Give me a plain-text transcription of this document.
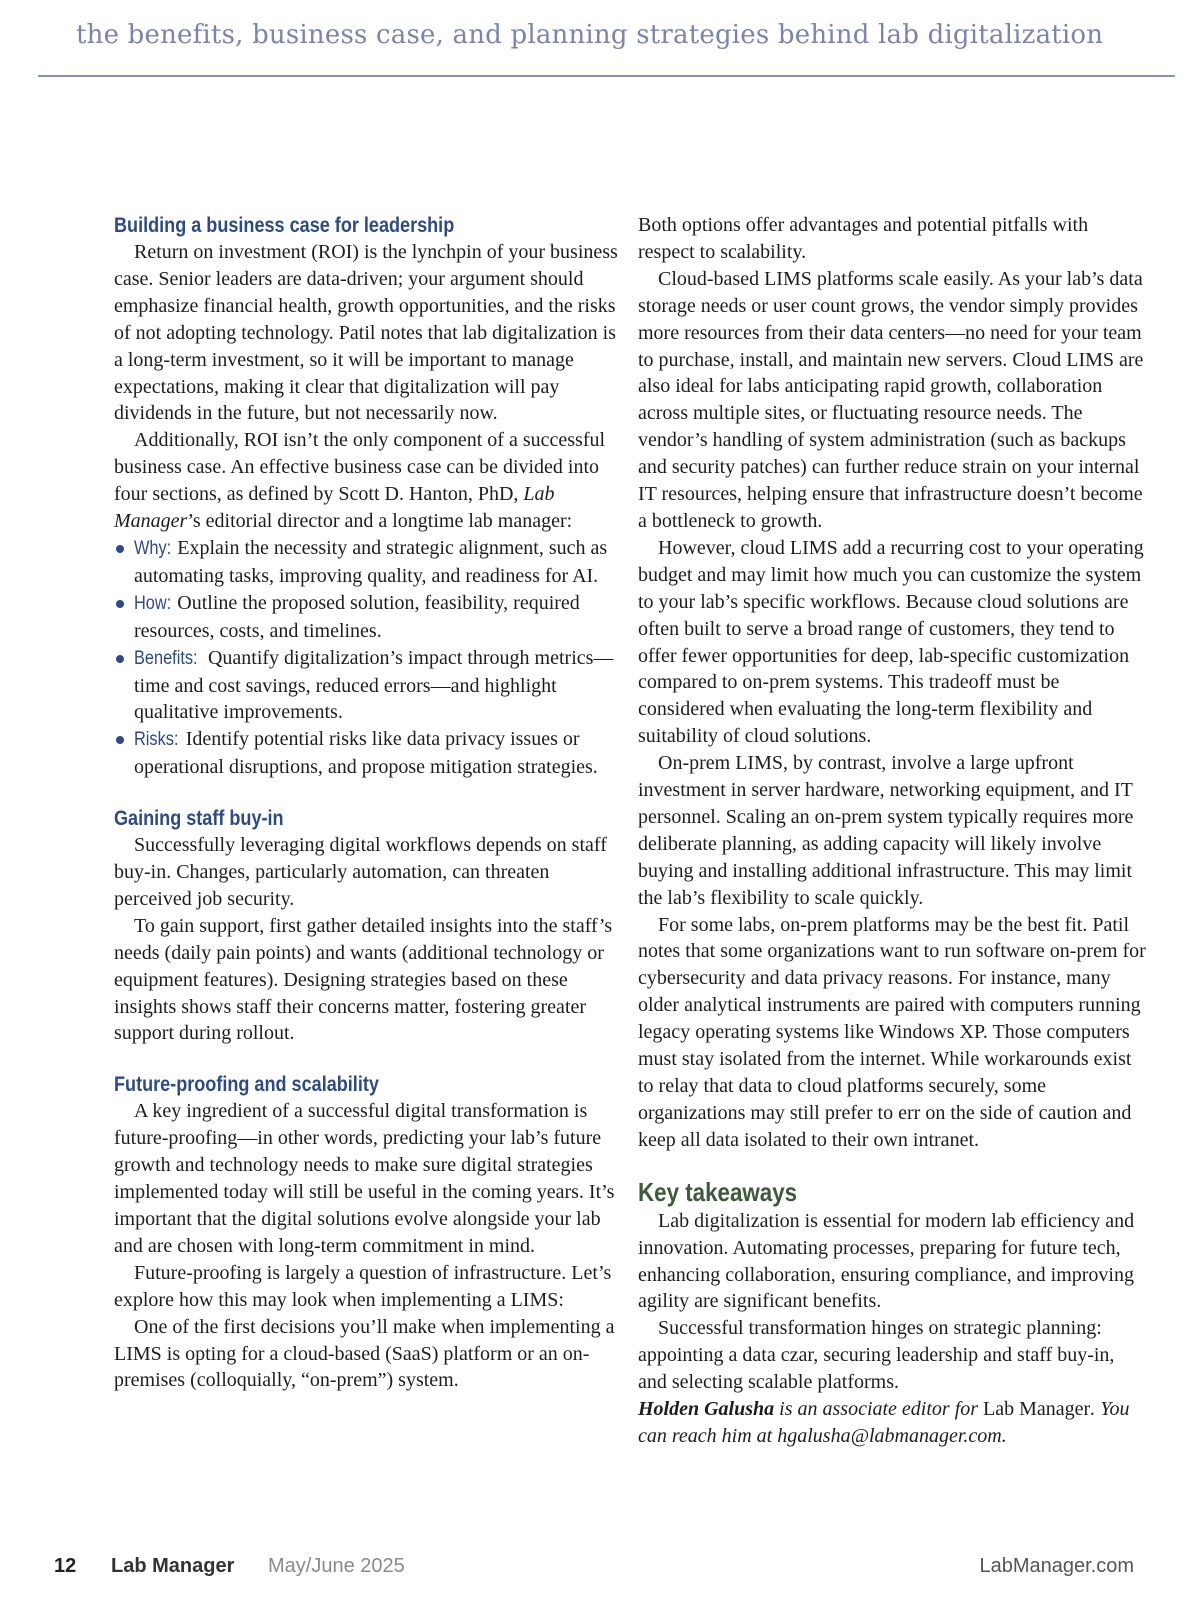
the benefits, business case, and planning strategies behind lab digitalization
Building a business case for leadership

Return on investment (ROI) is the lynchpin of your business case. Senior leaders are data-driven; your argument should emphasize financial health, growth opportunities, and the risks of not adopting technology. Patil notes that lab digitalization is a long-term investment, so it will be important to manage expectations, making it clear that digitalization will pay dividends in the future, but not necessarily now.

Additionally, ROI isn’t the only component of a successful business case. An effective business case can be divided into four sections, as defined by Scott D. Hanton, PhD, Lab Manager’s editorial director and a longtime lab manager:

Why: Explain the necessity and strategic alignment, such as automating tasks, improving quality, and readiness for AI.
How: Outline the proposed solution, feasibility, required resources, costs, and timelines.
Benefits: Quantify digitalization’s impact through metrics—time and cost savings, reduced errors—and highlight qualitative improvements.
Risks: Identify potential risks like data privacy issues or operational disruptions, and propose mitigation strategies.
Gaining staff buy-in

Successfully leveraging digital workflows depends on staff buy-in. Changes, particularly automation, can threaten perceived job security.

To gain support, first gather detailed insights into the staff’s needs (daily pain points) and wants (additional technology or equipment features). Designing strategies based on these insights shows staff their concerns matter, fostering greater support during rollout.

Future-proofing and scalability

A key ingredient of a successful digital transformation is future-proofing—in other words, predicting your lab’s future growth and technology needs to make sure digital strategies implemented today will still be useful in the coming years. It’s important that the digital solutions evolve alongside your lab and are chosen with long-term commitment in mind.

Future-proofing is largely a question of infrastructure. Let’s explore how this may look when implementing a LIMS:

One of the first decisions you’ll make when implementing a LIMS is opting for a cloud-based (SaaS) platform or an on-premises (colloquially, “on-prem”) system.

Both options offer advantages and potential pitfalls with respect to scalability.

Cloud-based LIMS platforms scale easily. As your lab’s data storage needs or user count grows, the vendor simply provides more resources from their data centers—no need for your team to purchase, install, and maintain new servers. Cloud LIMS are also ideal for labs anticipating rapid growth, collaboration across multiple sites, or fluctuating resource needs. The vendor’s handling of system administration (such as backups and security patches) can further reduce strain on your internal IT resources, helping ensure that infrastructure doesn’t become a bottleneck to growth.

However, cloud LIMS add a recurring cost to your operating budget and may limit how much you can customize the system to your lab’s specific workflows. Because cloud solutions are often built to serve a broad range of customers, they tend to offer fewer opportunities for deep, lab-specific customization compared to on-prem systems. This tradeoff must be considered when evaluating the long-term flexibility and suitability of cloud solutions.

On-prem LIMS, by contrast, involve a large upfront investment in server hardware, networking equipment, and IT personnel. Scaling an on-prem system typically requires more deliberate planning, as adding capacity will likely involve buying and installing additional infrastructure. This may limit the lab’s flexibility to scale quickly.

For some labs, on-prem platforms may be the best fit. Patil notes that some organizations want to run software on-prem for cybersecurity and data privacy reasons. For instance, many older analytical instruments are paired with computers running legacy operating systems like Windows XP. Those computers must stay isolated from the internet. While workarounds exist to relay that data to cloud platforms securely, some organizations may still prefer to err on the side of caution and keep all data isolated to their own intranet.

Key takeaways

Lab digitalization is essential for modern lab efficiency and innovation. Automating processes, preparing for future tech, enhancing collaboration, ensuring compliance, and improving agility are significant benefits.

Successful transformation hinges on strategic planning: appointing a data czar, securing leadership and staff buy-in, and selecting scalable platforms.

Holden Galusha is an associate editor for Lab Manager. You can reach him at hgalusha@labmanager.com.

12 Lab Manager May/June 2025	LabManager.com
